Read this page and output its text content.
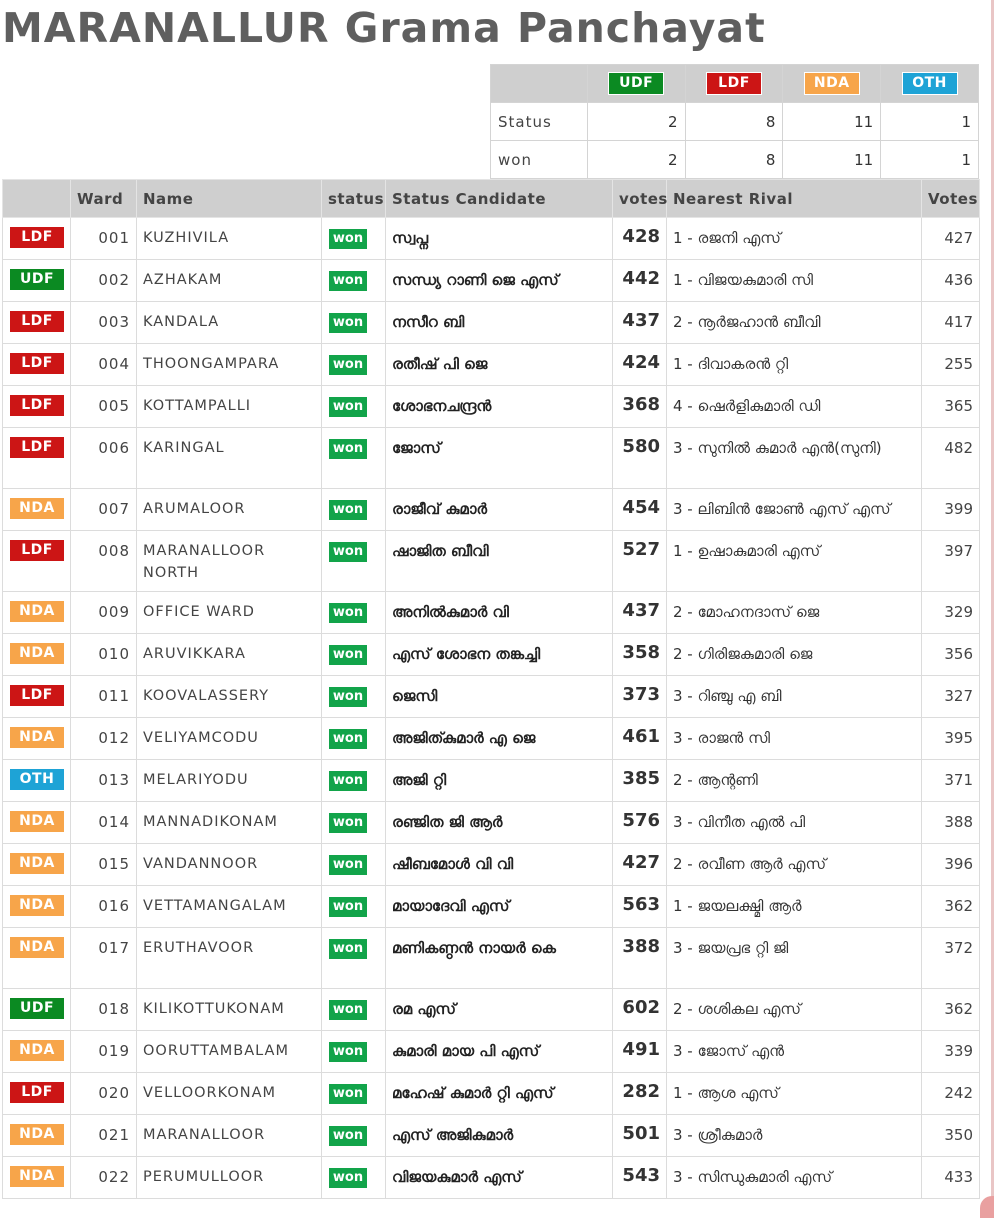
MARANALLUR Grama Panchayat
	UDF	LDF	NDA	OTH
Status	2	8	11	1
won	2	8	11	1
	Ward	Name	status	Status Candidate	votes	Nearest Rival	Votes
LDF	001	KUZHIVILA	won	സ്വപ്ന	428	1 - രജനി എസ്	427
UDF	002	AZHAKAM	won	സന്ധ്യ റാണി ജെ എസ്	442	1 - വിജയകുമാരി സി	436
LDF	003	KANDALA	won	നസീറ ബി	437	2 - നൂർജഹാൻ ബീവി	417
LDF	004	THOONGAMPARA	won	രതീഷ് പി ജെ	424	1 - ദിവാകരൻ റ്റി	255
LDF	005	KOTTAMPALLI	won	ശോഭനചന്ദ്രൻ	368	4 - ഷെർളികുമാരി ഡി	365
LDF	006	KARINGAL	won	ജോസ്	580	3 - സുനിൽ കുമാർ എൻ(സുനി)	482
NDA	007	ARUMALOOR	won	രാജീവ് കുമാർ	454	3 - ലിബിൻ ജോൺ എസ് എസ്	399
LDF	008	MARANALLOOR NORTH	won	ഷാജിത ബീവി	527	1 - ഉഷാകുമാരി എസ്	397
NDA	009	OFFICE WARD	won	അനിൽകുമാർ വി	437	2 - മോഹനദാസ് ജെ	329
NDA	010	ARUVIKKARA	won	എസ് ശോഭന തങ്കച്ചി	358	2 - ഗിരിജകുമാരി ജെ	356
LDF	011	KOOVALASSERY	won	ജെസി	373	3 - റിഞ്ചു എ ബി	327
NDA	012	VELIYAMCODU	won	അജിത്കുമാർ എ ജെ	461	3 - രാജൻ സി	395
OTH	013	MELARIYODU	won	അജി റ്റി	385	2 - ആന്റണി	371
NDA	014	MANNADIKONAM	won	രഞ്ജിത ജി ആർ	576	3 - വിനീത എൽ പി	388
NDA	015	VANDANNOOR	won	ഷീബമോൾ വി വി	427	2 - രവീണ ആർ എസ്	396
NDA	016	VETTAMANGALAM	won	മായാദേവി എസ്	563	1 - ജയലക്ഷ്മി ആർ	362
NDA	017	ERUTHAVOOR	won	മണികണ്ഠൻ നായർ കെ	388	3 - ജയപ്രഭ റ്റി ജി	372
UDF	018	KILIKOTTUKONAM	won	രമ എസ്	602	2 - ശശികല എസ്	362
NDA	019	OORUTTAMBALAM	won	കുമാരി മായ പി എസ്	491	3 - ജോസ് എൻ	339
LDF	020	VELLOORKONAM	won	മഹേഷ് കുമാർ റ്റി എസ്	282	1 - ആശ എസ്	242
NDA	021	MARANALLOOR	won	എസ് അജികുമാർ	501	3 - ശ്രീകുമാർ	350
NDA	022	PERUMULLOOR	won	വിജയകുമാർ എസ്	543	3 - സിന്ധുകുമാരി എസ്	433
